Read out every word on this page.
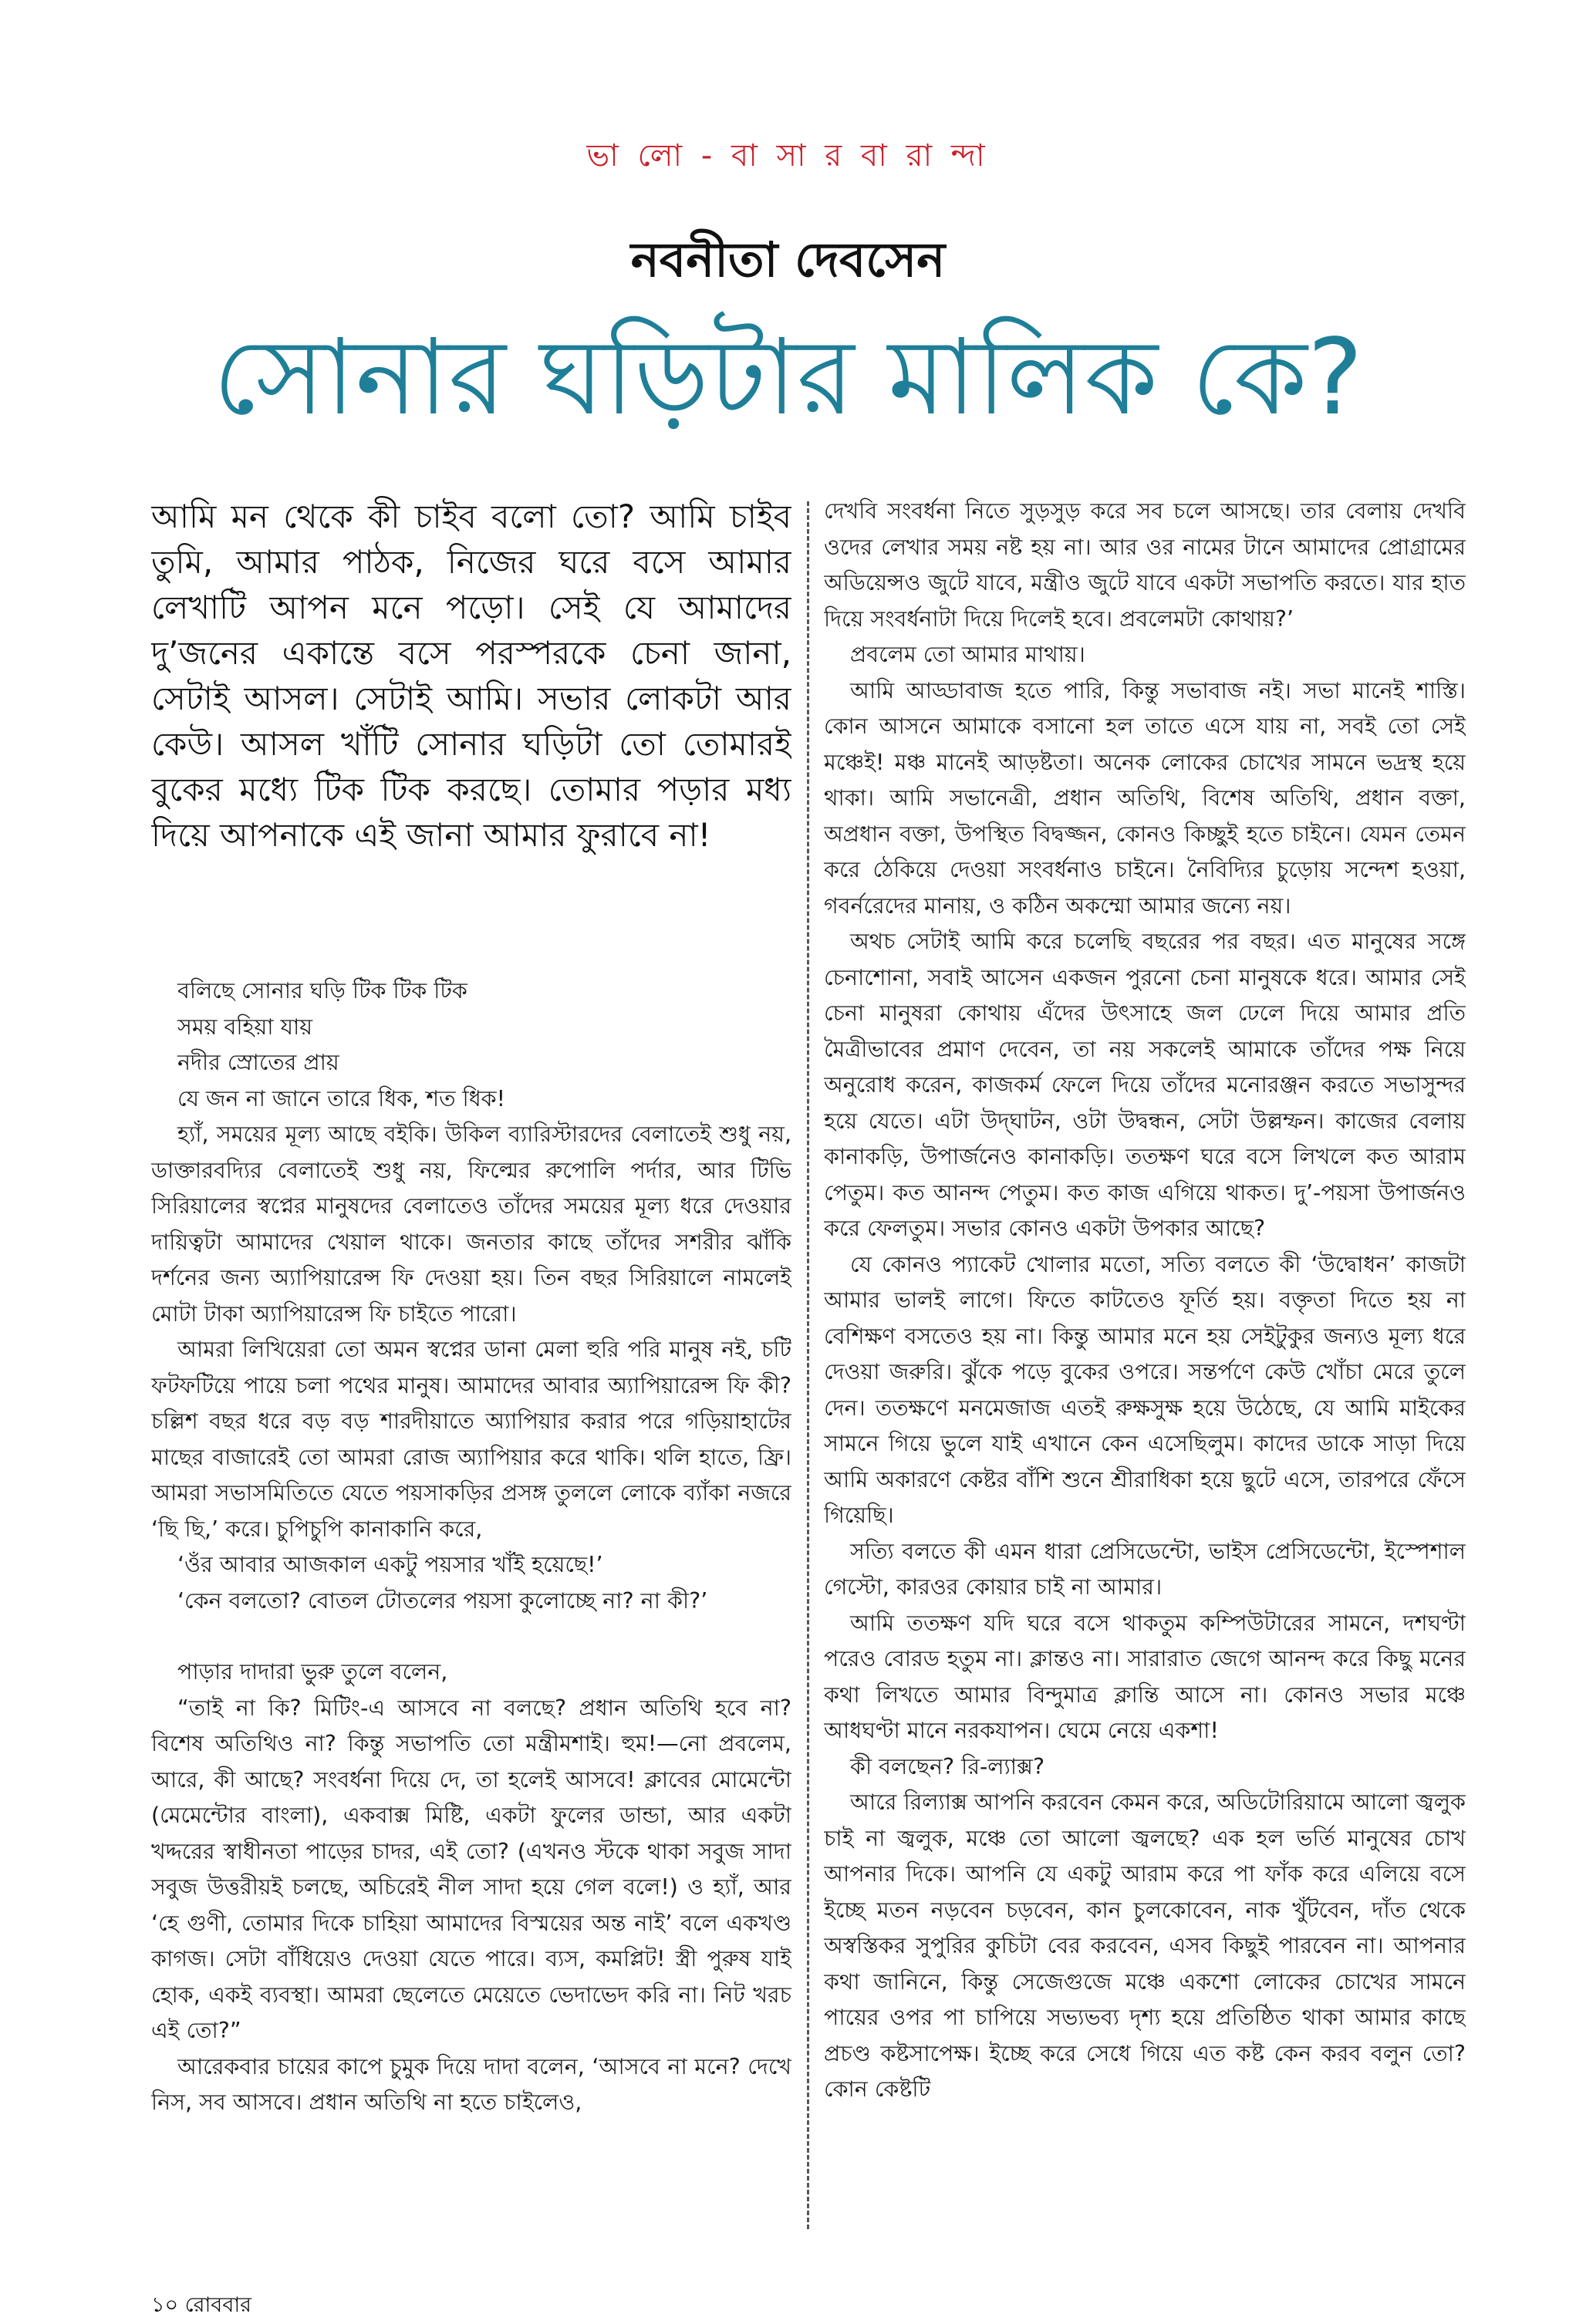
ভা লো - বা সা র বা রা ন্দা
নবনীতা দেবসেন
সোনার ঘড়িটার মালিক কে?

আমি মন থেকে কী চাইব বলো তো? আমি চাইব তুমি, আমার পাঠক, নিজের ঘরে বসে আমার লেখাটি আপন মনে পড়ো। সেই যে আমাদের দু’জনের একান্তে বসে পরস্পরকে চেনা জানা, সেটাই আসল। সেটাই আমি। সভার লোকটা আর কেউ। আসল খাঁটি সোনার ঘড়িটা তো তোমারই বুকের মধ্যে টিক টিক করছে। তোমার পড়ার মধ্য দিয়ে আপনাকে এই জানা আমার ফুরাবে না!

বলিছে সোনার ঘড়ি টিক টিক টিক
সময় বহিয়া যায়
নদীর স্রোতের প্রায়
যে জন না জানে তারে ধিক, শত ধিক!

হ্যাঁ, সময়ের মূল্য আছে বইকি। উকিল ব্যারিস্টারদের বেলাতেই শুধু নয়, ডাক্তারবদ্যির বেলাতেই শুধু নয়, ফিল্মের রুপোলি পর্দার, আর টিভি সিরিয়ালের স্বপ্নের মানুষদের বেলাতেও তাঁদের সময়ের মূল্য ধরে দেওয়ার দায়িত্বটা আমাদের খেয়াল থাকে। জনতার কাছে তাঁদের সশরীর ঝাঁকি দর্শনের জন্য অ্যাপিয়ারেন্স ফি দেওয়া হয়। তিন বছর সিরিয়ালে নামলেই মোটা টাকা অ্যাপিয়ারেন্স ফি চাইতে পারো।

আমরা লিখিয়েরা তো অমন স্বপ্নের ডানা মেলা হুরি পরি মানুষ নই, চটি ফটফটিয়ে পায়ে চলা পথের মানুষ। আমাদের আবার অ্যাপিয়ারেন্স ফি কী? চল্লিশ বছর ধরে বড় বড় শারদীয়াতে অ্যাপিয়ার করার পরে গড়িয়াহাটের মাছের বাজারেই তো আমরা রোজ অ্যাপিয়ার করে থাকি। থলি হাতে, ফ্রি। আমরা সভাসমিতিতে যেতে পয়সাকড়ির প্রসঙ্গ তুললে লোকে ব্যাঁকা নজরে ‘ছি ছি,’ করে। চুপিচুপি কানাকানি করে,

‘ওঁর আবার আজকাল একটু পয়সার খাঁই হয়েছে!’

‘কেন বলতো? বোতল টোতলের পয়সা কুলোচ্ছে না? না কী?’

পাড়ার দাদারা ভুরু তুলে বলেন,

“তাই না কি? মিটিং-এ আসবে না বলছে? প্রধান অতিথি হবে না? বিশেষ অতিথিও না? কিন্তু সভাপতি তো মন্ত্রীমশাই। হুম!—নো প্রবলেম, আরে, কী আছে? সংবর্ধনা দিয়ে দে, তা হলেই আসবে! ক্লাবের মোমেন্টো (মেমেন্টোর বাংলা), একবাক্স মিষ্টি, একটা ফুলের ডান্ডা, আর একটা খদ্দরের স্বাধীনতা পাড়ের চাদর, এই তো? (এখনও স্টকে থাকা সবুজ সাদা সবুজ উত্তরীয়ই চলছে, অচিরেই নীল সাদা হয়ে গেল বলে!) ও হ্যাঁ, আর ‘হে গুণী, তোমার দিকে চাহিয়া আমাদের বিস্ময়ের অন্ত নাই’ বলে একখণ্ড কাগজ। সেটা বাঁধিয়েও দেওয়া যেতে পারে। ব্যস, কমপ্লিট! স্ত্রী পুরুষ যাই হোক, একই ব্যবস্থা। আমরা ছেলেতে মেয়েতে ভেদাভেদ করি না। নিট খরচ এই তো?”

আরেকবার চায়ের কাপে চুমুক দিয়ে দাদা বলেন, ‘আসবে না মনে? দেখে নিস, সব আসবে। প্রধান অতিথি না হতে চাইলেও,

দেখবি সংবর্ধনা নিতে সুড়সুড় করে সব চলে আসছে। তার বেলায় দেখবি ওদের লেখার সময় নষ্ট হয় না। আর ওর নামের টানে আমাদের প্রোগ্রামের অডিয়েন্সও জুটে যাবে, মন্ত্রীও জুটে যাবে একটা সভাপতি করতে। যার হাত দিয়ে সংবর্ধনাটা দিয়ে দিলেই হবে। প্রবলেমটা কোথায়?’

প্রবলেম তো আমার মাথায়।

আমি আড্ডাবাজ হতে পারি, কিন্তু সভাবাজ নই। সভা মানেই শাস্তি। কোন আসনে আমাকে বসানো হল তাতে এসে যায় না, সবই তো সেই মঞ্চেই! মঞ্চ মানেই আড়ষ্টতা। অনেক লোকের চোখের সামনে ভদ্রস্থ হয়ে থাকা। আমি সভানেত্রী, প্রধান অতিথি, বিশেষ অতিথি, প্রধান বক্তা, অপ্রধান বক্তা, উপস্থিত বিদ্বজ্জন, কোনও কিচ্ছুই হতে চাইনে। যেমন তেমন করে ঠেকিয়ে দেওয়া সংবর্ধনাও চাইনে। নৈবিদ্যির চুড়োয় সন্দেশ হওয়া, গবর্নরেদের মানায়, ও কঠিন অকম্মো আমার জন্যে নয়।

অথচ সেটাই আমি করে চলেছি বছরের পর বছর। এত মানুষের সঙ্গে চেনাশোনা, সবাই আসেন একজন পুরনো চেনা মানুষকে ধরে। আমার সেই চেনা মানুষরা কোথায় এঁদের উৎসাহে জল ঢেলে দিয়ে আমার প্রতি মৈত্রীভাবের প্রমাণ দেবেন, তা নয় সকলেই আমাকে তাঁদের পক্ষ নিয়ে অনুরোধ করেন, কাজকর্ম ফেলে দিয়ে তাঁদের মনোরঞ্জন করতে সভাসুন্দর হয়ে যেতে। এটা উদ্‌ঘাটন, ওটা উদ্বন্ধন, সেটা উল্লম্ফন। কাজের বেলায় কানাকড়ি, উপার্জনেও কানাকড়ি। ততক্ষণ ঘরে বসে লিখলে কত আরাম পেতুম। কত আনন্দ পেতুম। কত কাজ এগিয়ে থাকত। দু’-পয়সা উপার্জনও করে ফেলতুম। সভার কোনও একটা উপকার আছে?

যে কোনও প্যাকেট খোলার মতো, সত্যি বলতে কী ‘উদ্বোধন’ কাজটা আমার ভালই লাগে। ফিতে কাটতেও ফূর্তি হয়। বক্তৃতা দিতে হয় না বেশিক্ষণ বসতেও হয় না। কিন্তু আমার মনে হয় সেইটুকুর জন্যও মূল্য ধরে দেওয়া জরুরি। ঝুঁকে পড়ে বুকের ওপরে। সন্তর্পণে কেউ খোঁচা মেরে তুলে দেন। ততক্ষণে মনমেজাজ এতই রুক্ষসুক্ষ হয়ে উঠেছে, যে আমি মাইকের সামনে গিয়ে ভুলে যাই এখানে কেন এসেছিলুম। কাদের ডাকে সাড়া দিয়ে আমি অকারণে কেষ্টর বাঁশি শুনে শ্রীরাধিকা হয়ে ছুটে এসে, তারপরে ফেঁসে গিয়েছি।

সত্যি বলতে কী এমন ধারা প্রেসিডেন্টো, ভাইস প্রেসিডেন্টো, ইস্পেশাল গেস্টো, কারওর কোয়ার চাই না আমার।

আমি ততক্ষণ যদি ঘরে বসে থাকতুম কম্পিউটারের সামনে, দশঘণ্টা পরেও বোরড হতুম না। ক্লান্তও না। সারারাত জেগে আনন্দ করে কিছু মনের কথা লিখতে আমার বিন্দুমাত্র ক্লান্তি আসে না। কোনও সভার মঞ্চে আধঘণ্টা মানে নরকযাপন। ঘেমে নেয়ে একশা!

কী বলছেন? রি-ল্যাক্স?

আরে রিল্যাক্স আপনি করবেন কেমন করে, অডিটোরিয়ামে আলো জ্বলুক চাই না জ্বলুক, মঞ্চে তো আলো জ্বলছে? এক হল ভর্তি মানুষের চোখ আপনার দিকে। আপনি যে একটু আরাম করে পা ফাঁক করে এলিয়ে বসে ইচ্ছে মতন নড়বেন চড়বেন, কান চুলকোবেন, নাক খুঁটবেন, দাঁত থেকে অস্বস্তিকর সুপুরির কুচিটা বের করবেন, এসব কিছুই পারবেন না। আপনার কথা জানিনে, কিন্তু সেজেগুজে মঞ্চে একশো লোকের চোখের সামনে পায়ের ওপর পা চাপিয়ে সভ্যভব্য দৃশ্য হয়ে প্রতিষ্ঠিত থাকা আমার কাছে প্রচণ্ড কষ্টসাপেক্ষ। ইচ্ছে করে সেধে গিয়ে এত কষ্ট কেন করব বলুন তো? কোন কেষ্টটি

১০ রোববার
